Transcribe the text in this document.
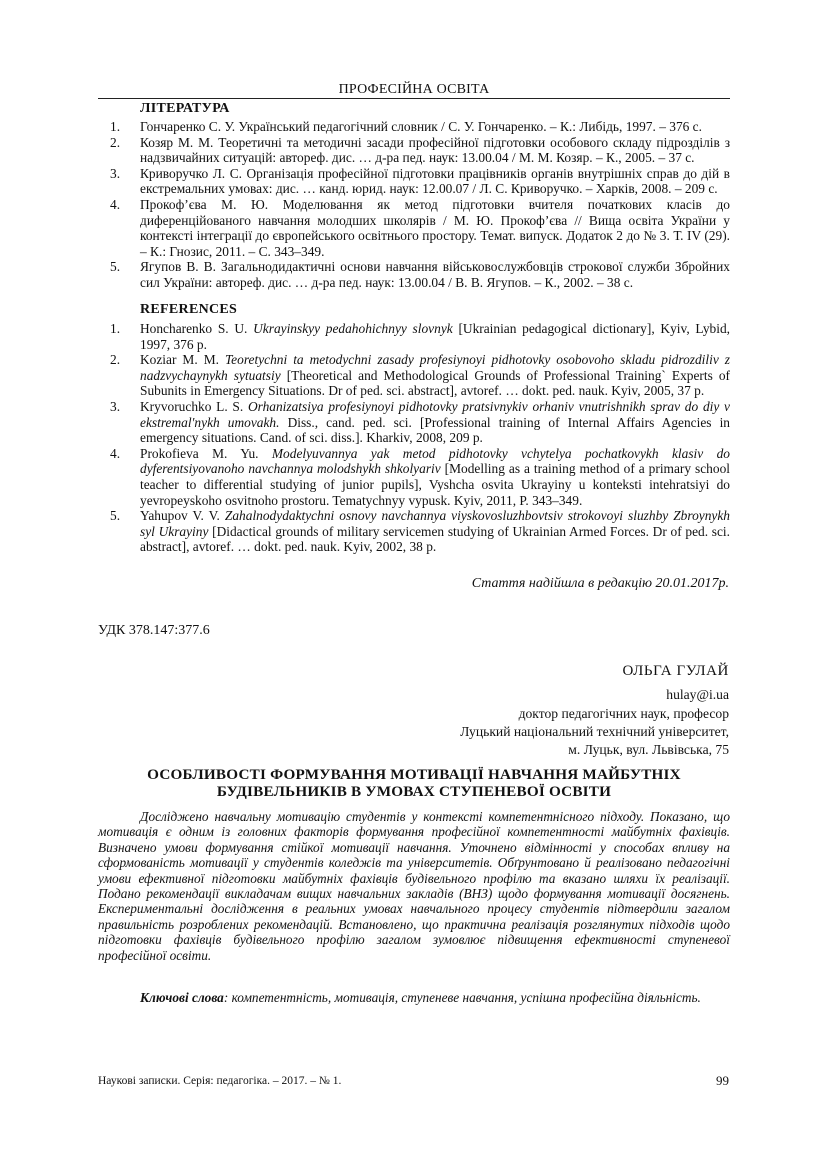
ПРОФЕСІЙНА ОСВІТА
ЛІТЕРАТУРА
1. Гончаренко С. У. Український педагогічний словник / С. У. Гончаренко. – К.: Либідь, 1997. – 376 с.
2. Козяр М. М. Теоретичні та методичні засади професійної підготовки особового складу підрозділів з надзвичайних ситуацій: автореф. дис. … д-ра пед. наук: 13.00.04 / М. М. Козяр. – К., 2005. – 37 с.
3. Криворучко Л. С. Організація професійної підготовки працівників органів внутрішніх справ до дій в екстремальних умовах: дис. … канд. юрид. наук: 12.00.07 / Л. С. Криворучко. – Харків, 2008. – 209 с.
4. Прокоф’єва М. Ю. Моделювання як метод підготовки вчителя початкових класів до диференційованого навчання молодших школярів / М. Ю. Прокоф’єва // Вища освіта України у контексті інтеграції до європейського освітнього простору. Темат. випуск. Додаток 2 до № 3. Т. IV (29). – К.: Гнозис, 2011. – С. 343–349.
5. Ягупов В. В. Загальнодидактичні основи навчання військовослужбовців строкової служби Збройних сил України: автореф. дис. … д-ра пед. наук: 13.00.04 / В. В. Ягупов. – К., 2002. – 38 с.
REFERENCES
1. Honcharenko S. U. Ukrayinskyy pedahohichnyy slovnyk [Ukrainian pedagogical dictionary], Kyiv, Lybid, 1997, 376 p.
2. Koziar M. M. Teoretychni ta metodychni zasady profesiynoyi pidhotovky osobovoho skladu pidrozdiliv z nadzvychaynykh sytuatsiy [Theoretical and Methodological Grounds of Professional Training` Experts of Subunits in Emergency Situations. Dr of ped. sci. abstract], avtoref. … dokt. ped. nauk. Kyiv, 2005, 37 p.
3. Kryvoruchko L. S. Orhanizatsiya profesiynoyi pidhotovky pratsivnykiv orhaniv vnutrishnikh sprav do diy v ekstremal'nykh umovakh. Diss., cand. ped. sci. [Professional training of Internal Affairs Agencies in emergency situations. Cand. of sci. diss.]. Kharkiv, 2008, 209 p.
4. Prokofieva M. Yu. Modelyuvannya yak metod pidhotovky vchytelya pochatkovykh klasiv do dyferentsiyovanoho navchannya molodshykh shkolyariv [Modelling as a training method of a primary school teacher to differential studying of junior pupils], Vyshcha osvita Ukrayiny u konteksti intehratsiyi do yevropeyskoho osvitnoho prostoru. Tematychnyy vypusk. Kyiv, 2011, P. 343–349.
5. Yahupov V. V. Zahalnodydaktychni osnovy navchannya viyskovosluzhbovtsiv strokovoyi sluzhby Zbroynykh syl Ukrayiny [Didactical grounds of military servicemen studying of Ukrainian Armed Forces. Dr of ped. sci. abstract], avtoref. … dokt. ped. nauk. Kyiv, 2002, 38 p.
Стаття надійшла в редакцію 20.01.2017р.
УДК 378.147:377.6
ОЛЬГА ГУЛАЙ
hulay@i.ua
доктор педагогічних наук, професор
Луцький національний технічний університет,
м. Луцьк, вул. Львівська, 75
ОСОБЛИВОСТІ ФОРМУВАННЯ МОТИВАЦІЇ НАВЧАННЯ МАЙБУТНІХ
БУДІВЕЛЬНИКІВ В УМОВАХ СТУПЕНЕВОЇ ОСВІТИ

Досліджено навчальну мотивацію студентів у контексті компетентнісного підходу. Показано, що мотивація є одним із головних факторів формування професійної компетентності майбутніх фахівців. Визначено умови формування стійкої мотивації навчання. Уточнено відмінності у способах впливу на сформованість мотивації у студентів коледжів та університетів. Обґрунтовано й реалізовано педагогічні умови ефективної підготовки майбутніх фахівців будівельного профілю та вказано шляхи їх реалізації. Подано рекомендації викладачам вищих навчальних закладів (ВНЗ) щодо формування мотивації досягнень. Експериментальні дослідження в реальних умовах навчального процесу студентів підтвердили загалом правильність розроблених рекомендацій. Встановлено, що практична реалізація розглянутих підходів щодо підготовки фахівців будівельного профілю загалом зумовлює підвищення ефективності ступеневої професійної освіти.

Ключові слова: компетентність, мотивація, ступеневе навчання, успішна професійна діяльність.
Наукові записки. Серія: педагогіка. – 2017. – № 1.	99
